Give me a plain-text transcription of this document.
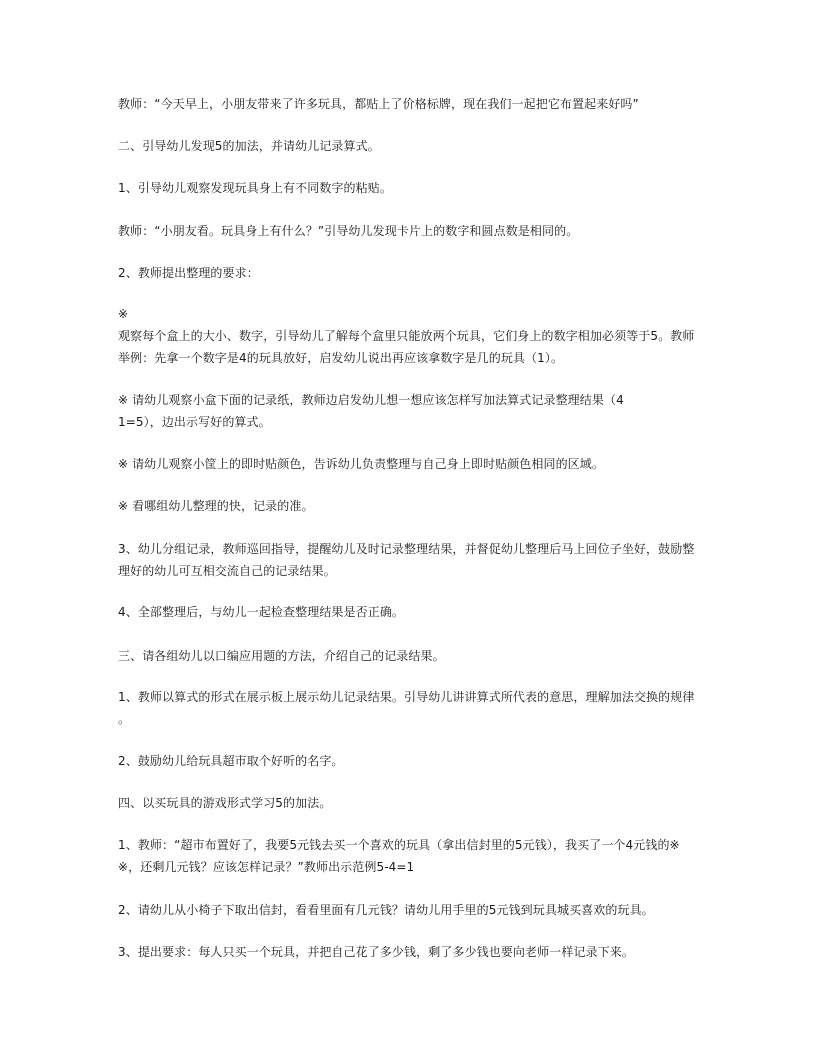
教师：“今天早上，小朋友带来了许多玩具，都贴上了价格标牌，现在我们一起把它布置起来好吗”
二、引导幼儿发现5的加法，并请幼儿记录算式。
1、引导幼儿观察发现玩具身上有不同数字的粘贴。
教师：“小朋友看。玩具身上有什么？”引导幼儿发现卡片上的数字和圆点数是相同的。
2、教师提出整理的要求：
※
观察每个盒上的大小、数字，引导幼儿了解每个盒里只能放两个玩具，它们身上的数字相加必须等于5。教师
举例：先拿一个数字是4的玩具放好，启发幼儿说出再应该拿数字是几的玩具（1）。
※ 请幼儿观察小盒下面的记录纸，教师边启发幼儿想一想应该怎样写加法算式记录整理结果（4
1=5），边出示写好的算式。
※ 请幼儿观察小筐上的即时贴颜色，告诉幼儿负责整理与自己身上即时贴颜色相同的区域。
※ 看哪组幼儿整理的快，记录的准。
3、幼儿分组记录，教师巡回指导，提醒幼儿及时记录整理结果，并督促幼儿整理后马上回位子坐好，鼓励整
理好的幼儿可互相交流自己的记录结果。
4、全部整理后，与幼儿一起检查整理结果是否正确。
三、请各组幼儿以口编应用题的方法，介绍自己的记录结果。
1、教师以算式的形式在展示板上展示幼儿记录结果。引导幼儿讲讲算式所代表的意思，理解加法交换的规律
。
2、鼓励幼儿给玩具超市取个好听的名字。
四、以买玩具的游戏形式学习5的加法。
1、教师：“超市布置好了，我要5元钱去买一个喜欢的玩具（拿出信封里的5元钱），我买了一个4元钱的※
※，还剩几元钱？应该怎样记录？”教师出示范例5-4=1
2、请幼儿从小椅子下取出信封，看看里面有几元钱？请幼儿用手里的5元钱到玩具城买喜欢的玩具。
3、提出要求：每人只买一个玩具，并把自己花了多少钱，剩了多少钱也要向老师一样记录下来。
